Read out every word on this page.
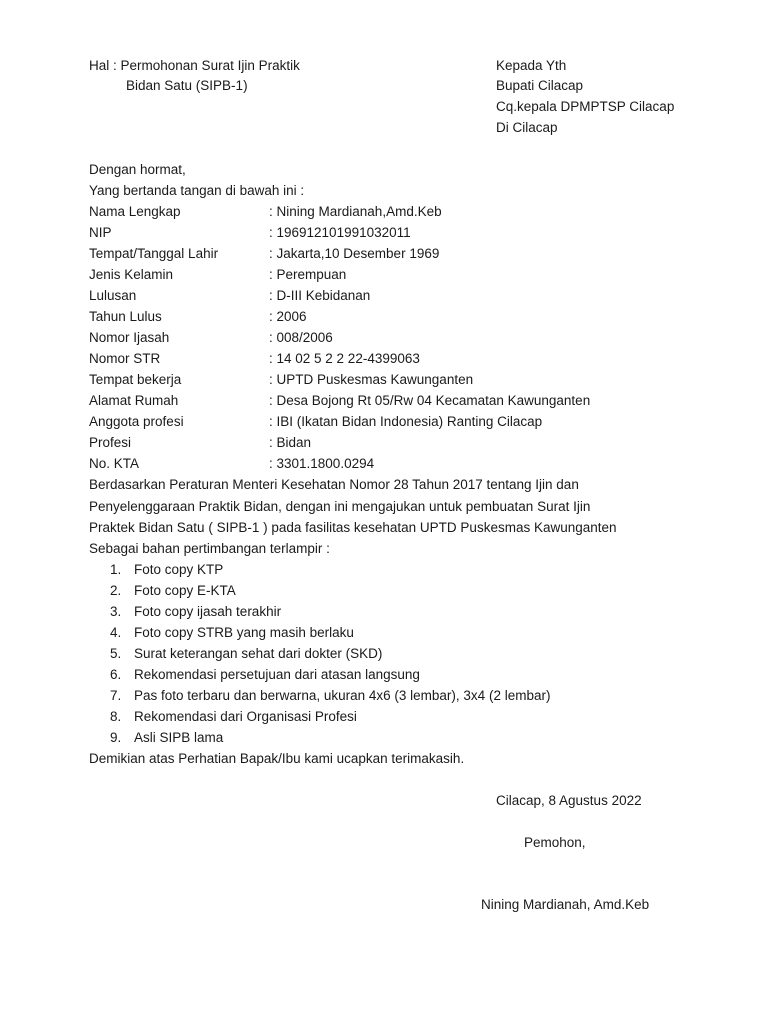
Hal : Permohonan Surat Ijin Praktik
Bidan Satu (SIPB-1)
Kepada Yth
Bupati Cilacap
Cq.kepala DPMPTSP Cilacap
Di Cilacap
Dengan hormat,
Yang bertanda tangan di bawah ini :
Nama Lengkap	: Nining Mardianah,Amd.Keb
NIP	: 196912101991032011
Tempat/Tanggal Lahir	: Jakarta,10 Desember 1969
Jenis Kelamin	: Perempuan
Lulusan	: D-III Kebidanan
Tahun Lulus	: 2006
Nomor Ijasah	: 008/2006
Nomor STR	: 14 02 5 2 2 22-4399063
Tempat bekerja	: UPTD Puskesmas Kawunganten
Alamat Rumah	: Desa Bojong Rt 05/Rw 04 Kecamatan Kawunganten
Anggota profesi	: IBI (Ikatan Bidan Indonesia) Ranting Cilacap
Profesi	: Bidan
No. KTA	: 3301.1800.0294
Berdasarkan Peraturan Menteri Kesehatan Nomor 28 Tahun 2017 tentang Ijin dan
Penyelenggaraan Praktik Bidan, dengan ini mengajukan untuk pembuatan Surat Ijin
Praktek Bidan Satu ( SIPB-1 ) pada fasilitas kesehatan UPTD Puskesmas Kawunganten
Sebagai bahan pertimbangan terlampir :
1. Foto copy KTP
2. Foto copy E-KTA
3. Foto copy ijasah terakhir
4. Foto copy STRB yang masih berlaku
5. Surat keterangan sehat dari dokter (SKD)
6. Rekomendasi persetujuan dari atasan langsung
7. Pas foto terbaru dan berwarna, ukuran 4x6 (3 lembar), 3x4 (2 lembar)
8. Rekomendasi dari Organisasi Profesi
9. Asli SIPB lama
Demikian atas Perhatian Bapak/Ibu kami ucapkan terimakasih.
Cilacap, 8 Agustus 2022
Pemohon,
Nining Mardianah, Amd.Keb
